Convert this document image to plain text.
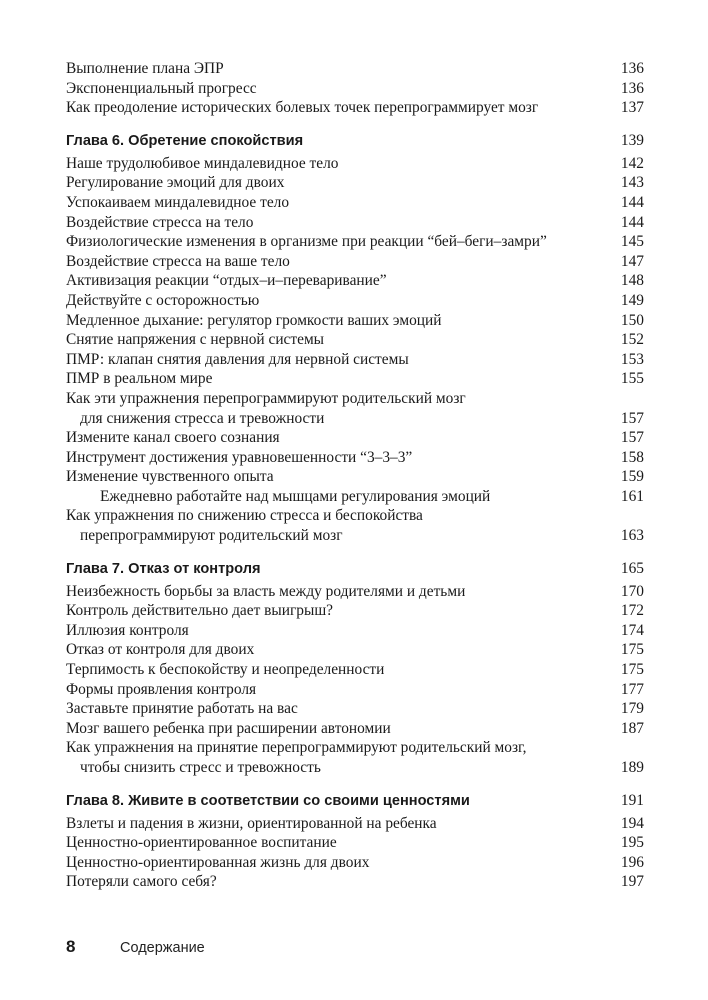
Выполнение плана ЭПР	136
Экспоненциальный прогресс	136
Как преодоление исторических болевых точек перепрограммирует мозг	137
Глава 6. Обретение спокойствия	139
Наше трудолюбивое миндалевидное тело	142
Регулирование эмоций для двоих	143
Успокаиваем миндалевидное тело	144
Воздействие стресса на тело	144
Физиологические изменения в организме при реакции “бей–беги–замри”	145
Воздействие стресса на ваше тело	147
Активизация реакции “отдых–и–переваривание”	148
Действуйте с осторожностью	149
Медленное дыхание: регулятор громкости ваших эмоций	150
Снятие напряжения с нервной системы	152
ПМР: клапан снятия давления для нервной системы	153
ПМР в реальном мире	155
Как эти упражнения перепрограммируют родительский мозг
для снижения стресса и тревожности	157
Измените канал своего сознания	157
Инструмент достижения уравновешенности “3–3–3”	158
Изменение чувственного опыта	159
Ежедневно работайте над мышцами регулирования эмоций	161
Как упражнения по снижению стресса и беспокойства
перепрограммируют родительский мозг	163
Глава 7. Отказ от контроля	165
Неизбежность борьбы за власть между родителями и детьми	170
Контроль действительно дает выигрыш?	172
Иллюзия контроля	174
Отказ от контроля для двоих	175
Терпимость к беспокойству и неопределенности	175
Формы проявления контроля	177
Заставьте принятие работать на вас	179
Мозг вашего ребенка при расширении автономии	187
Как упражнения на принятие перепрограммируют родительский мозг,
чтобы снизить стресс и тревожность	189
Глава 8. Живите в соответствии со своими ценностями	191
Взлеты и падения в жизни, ориентированной на ребенка	194
Ценностно-ориентированное воспитание	195
Ценностно-ориентированная жизнь для двоих	196
Потеряли самого себя?	197
8	Содержание
